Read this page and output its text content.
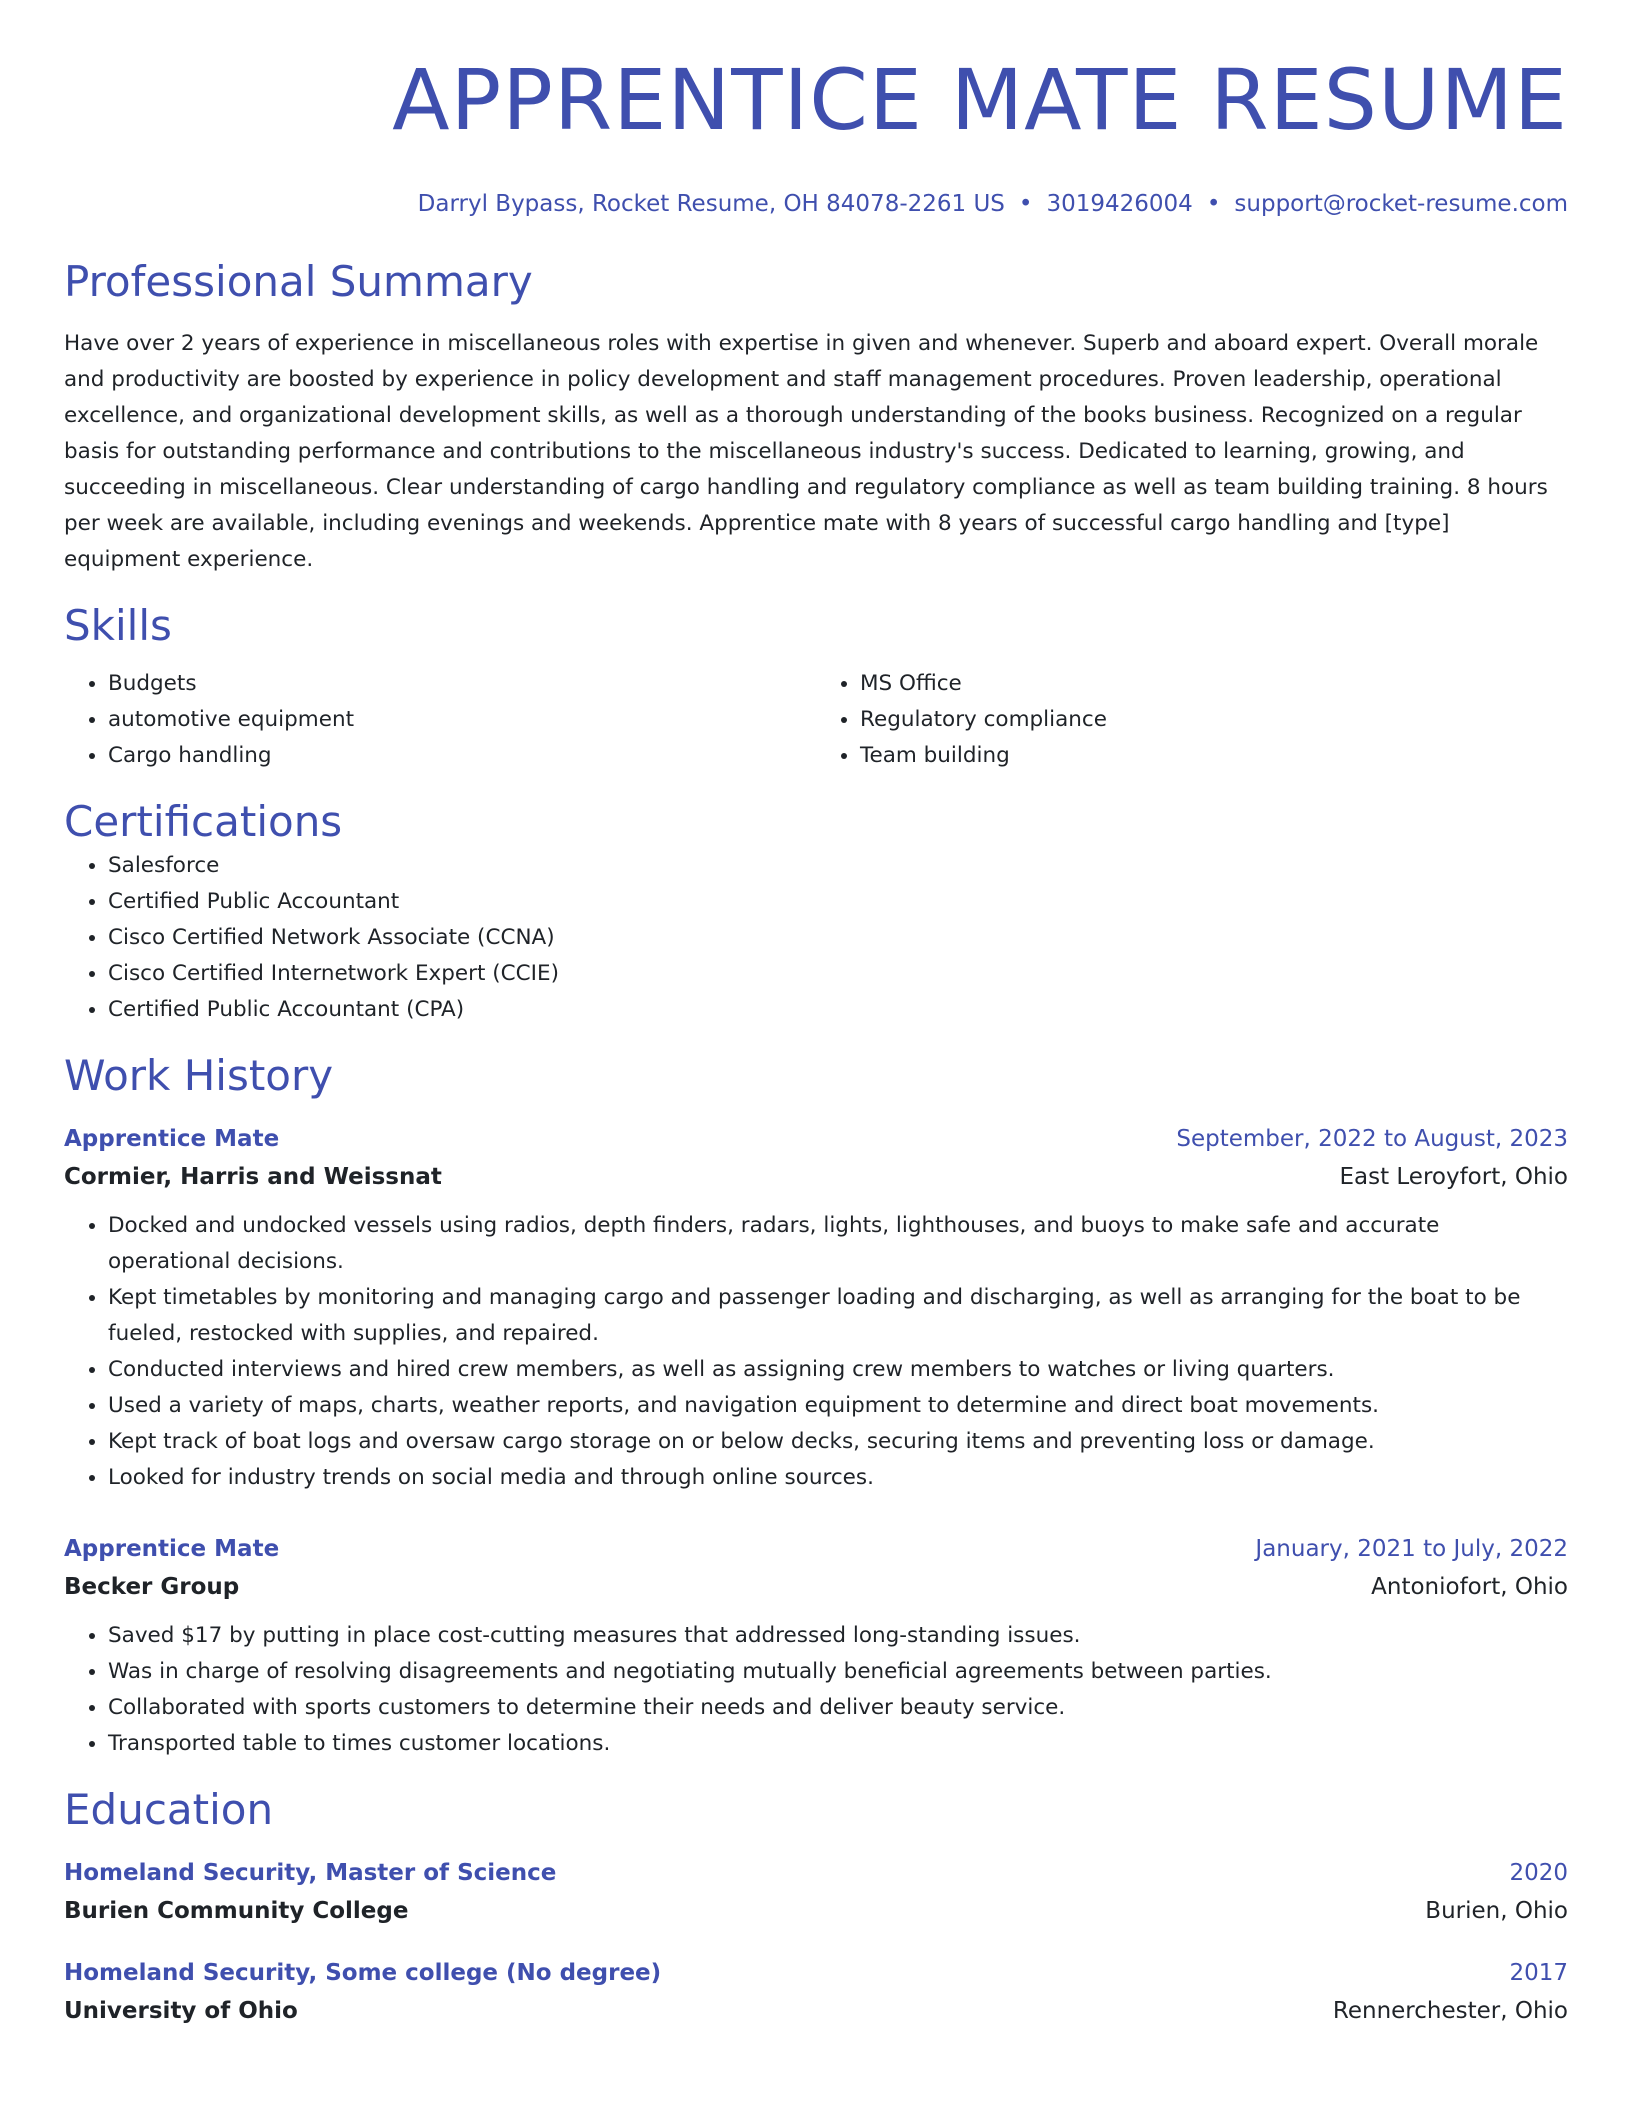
APPRENTICE MATE RESUME
Darryl Bypass, Rocket Resume, OH 84078-2261 US • 3019426004 • support@rocket-resume.com
Professional Summary
Have over 2 years of experience in miscellaneous roles with expertise in given and whenever. Superb and aboard expert. Overall morale and productivity are boosted by experience in policy development and staff management procedures. Proven leadership, operational excellence, and organizational development skills, as well as a thorough understanding of the books business. Recognized on a regular basis for outstanding performance and contributions to the miscellaneous industry's success. Dedicated to learning, growing, and succeeding in miscellaneous. Clear understanding of cargo handling and regulatory compliance as well as team building training. 8 hours per week are available, including evenings and weekends. Apprentice mate with 8 years of successful cargo handling and [type] equipment experience.
Skills
• Budgets
• automotive equipment
• Cargo handling
• MS Office
• Regulatory compliance
• Team building
Certifications
• Salesforce
• Certified Public Accountant
• Cisco Certified Network Associate (CCNA)
• Cisco Certified Internetwork Expert (CCIE)
• Certified Public Accountant (CPA)
Work History
Apprentice Mate	September, 2022 to August, 2023
Cormier, Harris and Weissnat	East Leroyfort, Ohio
• Docked and undocked vessels using radios, depth finders, radars, lights, lighthouses, and buoys to make safe and accurate operational decisions.
• Kept timetables by monitoring and managing cargo and passenger loading and discharging, as well as arranging for the boat to be fueled, restocked with supplies, and repaired.
• Conducted interviews and hired crew members, as well as assigning crew members to watches or living quarters.
• Used a variety of maps, charts, weather reports, and navigation equipment to determine and direct boat movements.
• Kept track of boat logs and oversaw cargo storage on or below decks, securing items and preventing loss or damage.
• Looked for industry trends on social media and through online sources.
Apprentice Mate	January, 2021 to July, 2022
Becker Group	Antoniofort, Ohio
• Saved $17 by putting in place cost-cutting measures that addressed long-standing issues.
• Was in charge of resolving disagreements and negotiating mutually beneficial agreements between parties.
• Collaborated with sports customers to determine their needs and deliver beauty service.
• Transported table to times customer locations.
Education
Homeland Security, Master of Science	2020
Burien Community College	Burien, Ohio
Homeland Security, Some college (No degree)	2017
University of Ohio	Rennerchester, Ohio
